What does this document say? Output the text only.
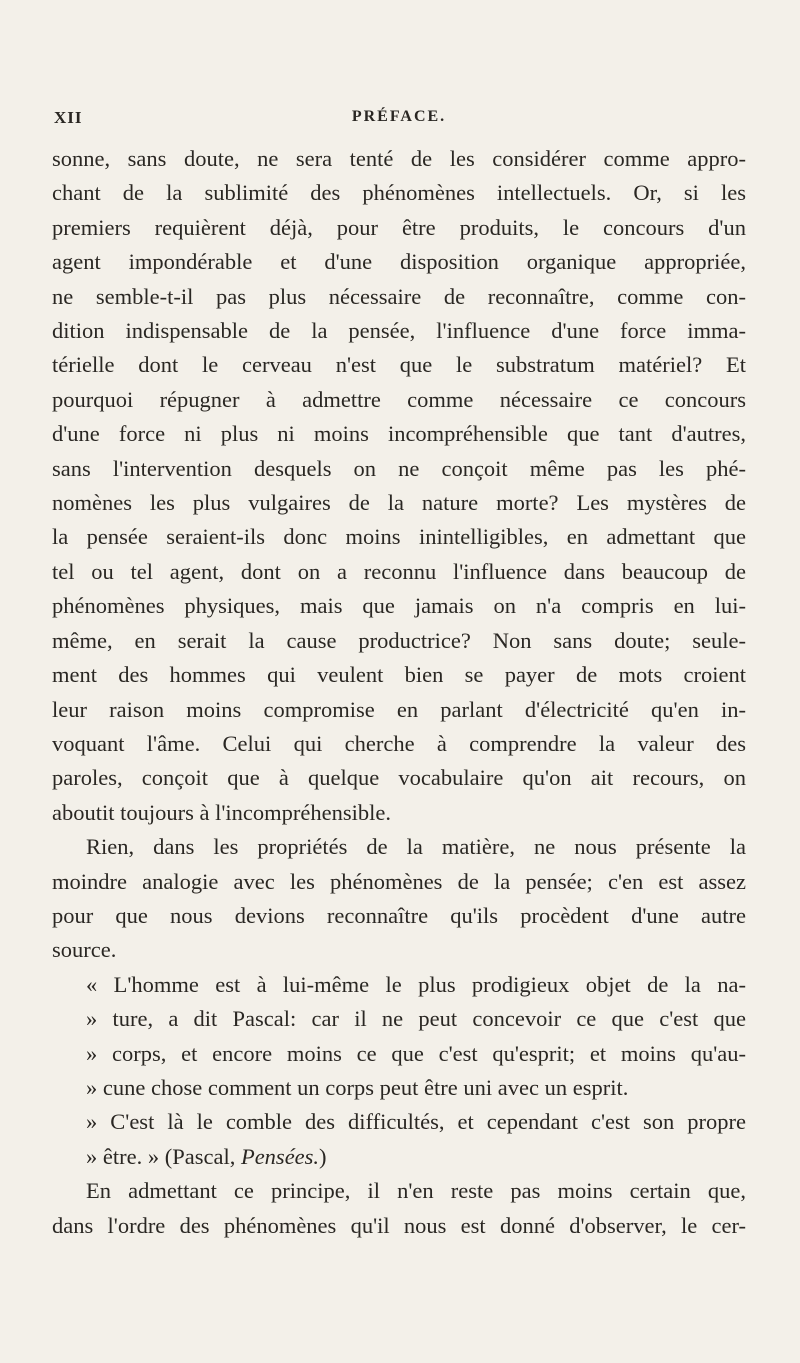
XII	PRÉFACE.
sonne, sans doute, ne sera tenté de les considérer comme appro-
chant de la sublimité des phénomènes intellectuels. Or, si les
premiers requièrent déjà, pour être produits, le concours d'un
agent impondérable et d'une disposition organique appropriée,
ne semble-t-il pas plus nécessaire de reconnaître, comme con-
dition indispensable de la pensée, l'influence d'une force imma-
térielle dont le cerveau n'est que le substratum matériel? Et
pourquoi répugner à admettre comme nécessaire ce concours
d'une force ni plus ni moins incompréhensible que tant d'autres,
sans l'intervention desquels on ne conçoit même pas les phé-
nomènes les plus vulgaires de la nature morte? Les mystères de
la pensée seraient-ils donc moins inintelligibles, en admettant que
tel ou tel agent, dont on a reconnu l'influence dans beaucoup de
phénomènes physiques, mais que jamais on n'a compris en lui-
même, en serait la cause productrice? Non sans doute; seule-
ment des hommes qui veulent bien se payer de mots croient
leur raison moins compromise en parlant d'électricité qu'en in-
voquant l'âme. Celui qui cherche à comprendre la valeur des
paroles, conçoit que à quelque vocabulaire qu'on ait recours, on
aboutit toujours à l'incompréhensible.
Rien, dans les propriétés de la matière, ne nous présente la
moindre analogie avec les phénomènes de la pensée; c'en est assez
pour que nous devions reconnaître qu'ils procèdent d'une autre
source.
« L'homme est à lui-même le plus prodigieux objet de la na-
» ture, a dit Pascal: car il ne peut concevoir ce que c'est que
» corps, et encore moins ce que c'est qu'esprit; et moins qu'au-
» cune chose comment un corps peut être uni avec un esprit.
» C'est là le comble des difficultés, et cependant c'est son propre
» être. » (Pascal, Pensées.)
En admettant ce principe, il n'en reste pas moins certain que,
dans l'ordre des phénomènes qu'il nous est donné d'observer, le cer-
